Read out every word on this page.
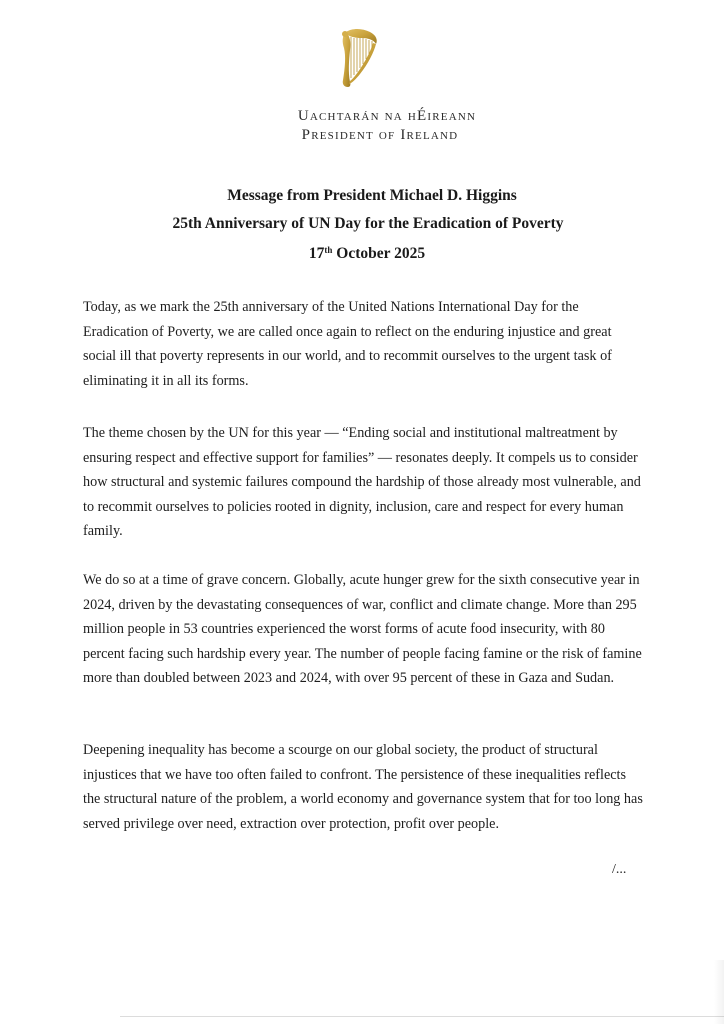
Uachtarán na hÉireann
President of Ireland
Message from President Michael D. Higgins
25th Anniversary of UN Day for the Eradication of Poverty
17th October 2025

Today, as we mark the 25th anniversary of the United Nations International Day for the Eradication of Poverty, we are called once again to reflect on the enduring injustice and great social ill that poverty represents in our world, and to recommit ourselves to the urgent task of eliminating it in all its forms.

The theme chosen by the UN for this year — “Ending social and institutional maltreatment by ensuring respect and effective support for families” — resonates deeply. It compels us to consider how structural and systemic failures compound the hardship of those already most vulnerable, and to recommit ourselves to policies rooted in dignity, inclusion, care and respect for every human family.

We do so at a time of grave concern. Globally, acute hunger grew for the sixth consecutive year in 2024, driven by the devastating consequences of war, conflict and climate change. More than 295 million people in 53 countries experienced the worst forms of acute food insecurity, with 80 percent facing such hardship every year. The number of people facing famine or the risk of famine more than doubled between 2023 and 2024, with over 95 percent of these in Gaza and Sudan.

Deepening inequality has become a scourge on our global society, the product of structural injustices that we have too often failed to confront. The persistence of these inequalities reflects the structural nature of the problem, a world economy and governance system that for too long has served privilege over need, extraction over protection, profit over people.

/...
